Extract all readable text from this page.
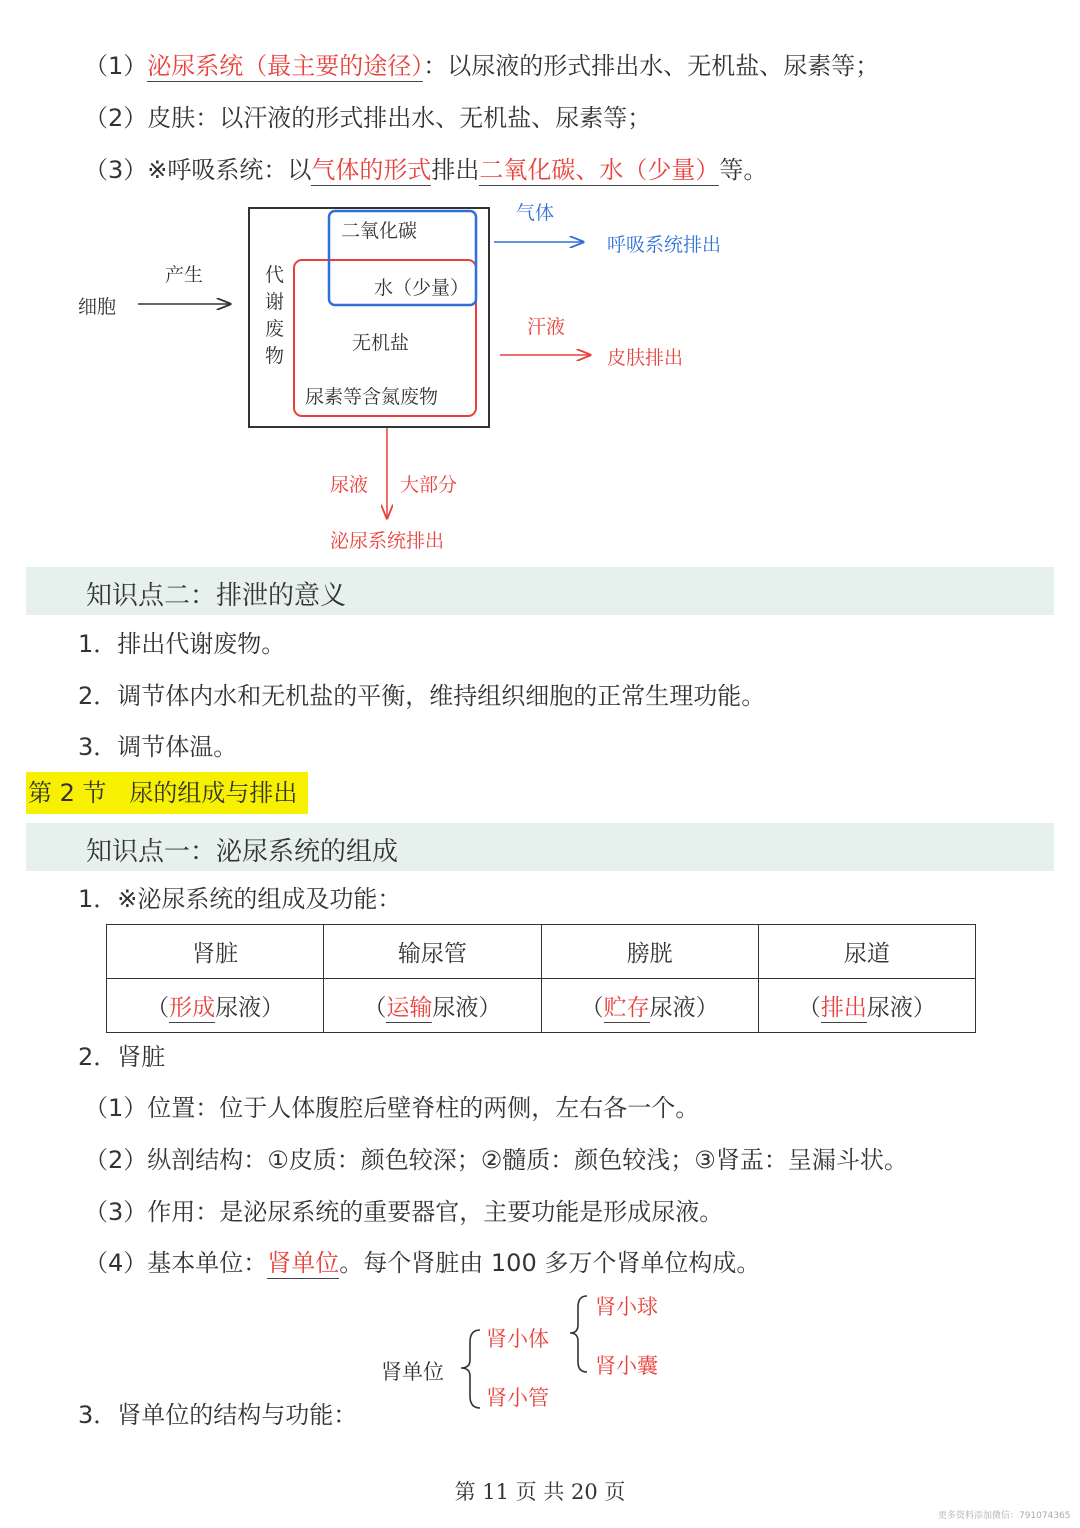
（1）泌尿系统（最主要的途径）：以尿液的形式排出水、无机盐、尿素等；
（2）皮肤：以汗液的形式排出水、无机盐、尿素等；
（3）※呼吸系统：以气体的形式排出二氧化碳、水（少量）等。
细胞
产生	代
谢
废
物
二氧化碳
水（少量）
无机盐
尿素等含氮废物
气体
呼吸系统排出
汗液
皮肤排出
尿液 大部分
泌尿系统排出
知识点二：排泄的意义
1．排出代谢废物。
2．调节体内水和无机盐的平衡，维持组织细胞的正常生理功能。
3．调节体温。
第 2 节   尿的组成与排出
知识点一：泌尿系统的组成
1．※泌尿系统的组成及功能：
肾脏	输尿管	膀胱	尿道
（形成尿液）	（运输尿液）	（贮存尿液）	（排出尿液）
2．肾脏
（1）位置：位于人体腹腔后壁脊柱的两侧，左右各一个。
（2）纵剖结构：①皮质：颜色较深；②髓质：颜色较浅；③肾盂：呈漏斗状。
（3）作用：是泌尿系统的重要器官，主要功能是形成尿液。
（4）基本单位：肾单位。每个肾脏由 100 多万个肾单位构成。
肾单位
肾小体
肾小管
肾小球
肾小囊
3．肾单位的结构与功能：
第 11 页 共 20 页
更多资料添加微信：791074365
